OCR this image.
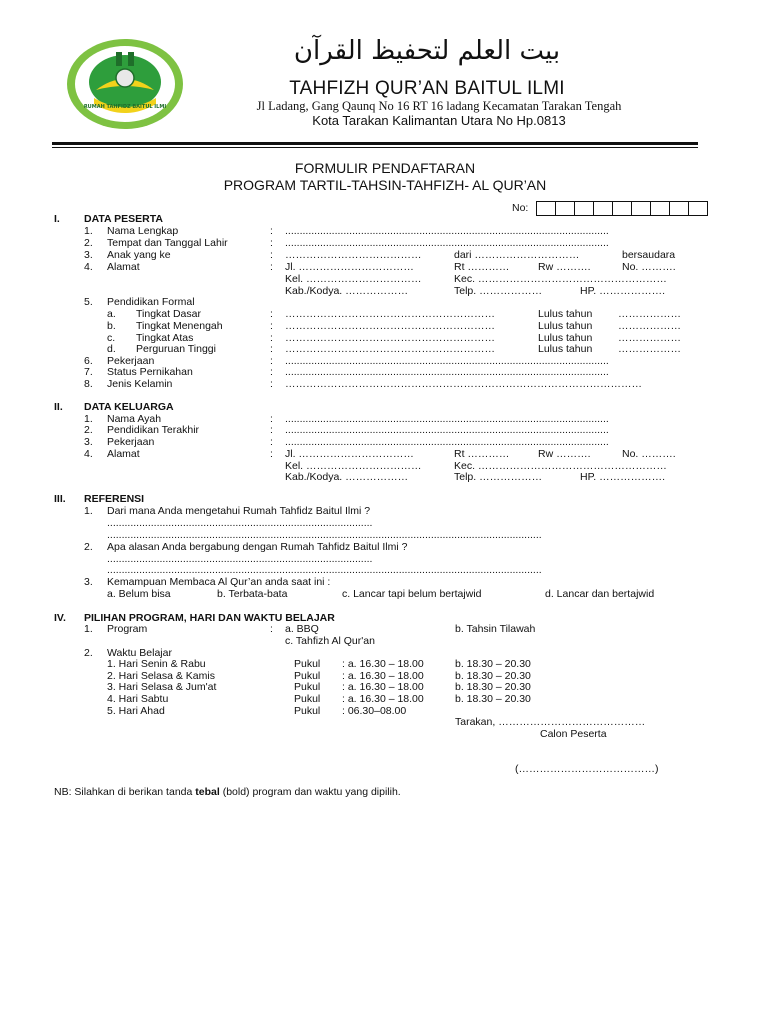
RUMAH TAHFIDZ BAITUL ILMI
بيت العلم لتحفيظ القرآن
TAHFIZH QUR’AN BAITUL ILMI
Jl Ladang, Gang Qaunq No 16 RT 16 ladang Kecamatan Tarakan Tengah
Kota Tarakan Kalimantan Utara No Hp.0813
FORMULIR PENDAFTARAN
PROGRAM TARTIL-TAHSIN-TAHFIZH- AL QUR’AN
No:
I. DATA PESERTA
1. Nama Lengkap	: ...............................................................................................................
2. Tempat dan Tanggal Lahir	: ...............................................................................................................
3. Anak yang ke	: …………………………………	dari …………………………	bersaudara
4. Alamat	: Jl. ……………………………	Rt …………	Rw ……….	No. ……….
Kel. ……………………………	Kec. ………………………………………………
Kab./Kodya. ………………	Telp. ………………	HP. ……………….
5. Pendidikan Formal
a. Tingkat Dasar	: ……………………………………………………	Lulus tahun ………………
b. Tingkat Menengah	: ……………………………………………………	Lulus tahun ………………
c. Tingkat Atas	: ……………………………………………………	Lulus tahun ………………
d. Perguruan Tinggi	: ……………………………………………………	Lulus tahun ………………
6. Pekerjaan	: ...............................................................................................................
7. Status Pernikahan	: ...............................................................................................................
8. Jenis Kelamin	: …………………………………………………………………………………………
II. DATA KELUARGA
1. Nama Ayah	: ...............................................................................................................
2. Pendidikan Terakhir	: ...............................................................................................................
3. Pekerjaan	: ...............................................................................................................
4. Alamat	: Jl. ……………………………	Rt …………	Rw ……….	No. ……….
Kel. ……………………………	Kec. ………………………………………………
Kab./Kodya. ………………	Telp. ………………	HP. ……………….
III. REFERENSI
1. Dari mana Anda mengetahui Rumah Tahfidz Baitul Ilmi ?
...........................................................................................
.....................................................................................................................................................
2. Apa alasan Anda bergabung dengan Rumah Tahfidz Baitul Ilmi ?
...........................................................................................
.....................................................................................................................................................
3. Kemampuan Membaca Al Qur’an anda saat ini :
a. Belum bisa	b. Terbata-bata	c. Lancar tapi belum bertajwid	d. Lancar dan bertajwid
IV. PILIHAN PROGRAM, HARI DAN WAKTU BELAJAR
1. Program	: a. BBQ	b. Tahsin Tilawah
c. Tahfizh Al Qur'an
2. Waktu Belajar
1. Hari Senin & Rabu	Pukul : a. 16.30 – 18.00	b. 18.30 – 20.30
2. Hari Selasa & Kamis	Pukul : a. 16.30 – 18.00	b. 18.30 – 20.30
3. Hari Selasa & Jum'at	Pukul : a. 16.30 – 18.00	b. 18.30 – 20.30
4. Hari Sabtu	Pukul : a. 16.30 – 18.00	b. 18.30 – 20.30
5. Hari Ahad	Pukul : 06.30–08.00
Tarakan, ……………………………………
Calon Peserta
(…………………………………)
NB: Silahkan di berikan tanda tebal (bold) program dan waktu yang dipilih.
